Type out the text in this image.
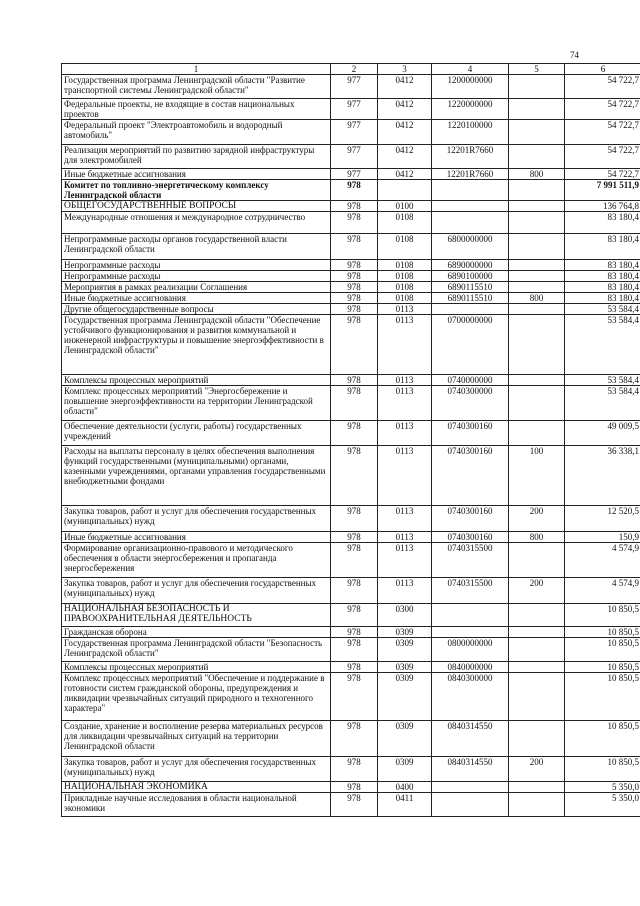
74
1	2	3	4	5	6
Государственная программа Ленинградской области "Развитие транспортной системы Ленинградской области"	977	0412	1200000000		54 722,7
Федеральные проекты, не входящие в состав национальных проектов	977	0412	1220000000		54 722,7
Федеральный проект "Электроавтомобиль и водородный автомобиль"	977	0412	1220100000		54 722,7
Реализация мероприятий по развитию зарядной инфраструктуры для электромобилей	977	0412	12201R7660		54 722,7
Иные бюджетные ассигнования	977	0412	12201R7660	800	54 722,7
Комитет по топливно-энергетическому комплексу Ленинградской области	978				7 991 511,9
ОБЩЕГОСУДАРСТВЕННЫЕ ВОПРОСЫ	978	0100			136 764,8
Международные отношения и международное сотрудничество	978	0108			83 180,4
Непрограммные расходы органов государственной власти Ленинградской области	978	0108	6800000000		83 180,4
Непрограммные расходы	978	0108	6890000000		83 180,4
Непрограммные расходы	978	0108	6890100000		83 180,4
Мероприятия в рамках реализации Соглашения	978	0108	6890115510		83 180,4
Иные бюджетные ассигнования	978	0108	6890115510	800	83 180,4
Другие общегосударственные вопросы	978	0113			53 584,4
Государственная программа Ленинградской области "Обеспечение устойчивого функционирования и развития коммунальной и инженерной инфраструктуры и повышение энергоэффективности в Ленинградской области"	978	0113	0700000000		53 584,4
Комплексы процессных мероприятий	978	0113	0740000000		53 584,4
Комплекс процессных мероприятий "Энергосбережение и повышение энергоэффективности на территории Ленинградской области"	978	0113	0740300000		53 584,4
Обеспечение деятельности (услуги, работы) государственных учреждений	978	0113	0740300160		49 009,5
Расходы на выплаты персоналу в целях обеспечения выполнения функций государственными (муниципальными) органами, казенными учреждениями, органами управления государственными внебюджетными фондами	978	0113	0740300160	100	36 338,1
Закупка товаров, работ и услуг для обеспечения государственных (муниципальных) нужд	978	0113	0740300160	200	12 520,5
Иные бюджетные ассигнования	978	0113	0740300160	800	150,9
Формирование организационно-правового и методического обеспечения в области энергосбережения и пропаганда энергосбережения	978	0113	0740315500		4 574,9
Закупка товаров, работ и услуг для обеспечения государственных (муниципальных) нужд	978	0113	0740315500	200	4 574,9
НАЦИОНАЛЬНАЯ БЕЗОПАСНОСТЬ И ПРАВООХРАНИТЕЛЬНАЯ ДЕЯТЕЛЬНОСТЬ	978	0300			10 850,5
Гражданская оборона	978	0309			10 850,5
Государственная программа Ленинградской области "Безопасность Ленинградской области"	978	0309	0800000000		10 850,5
Комплексы процессных мероприятий	978	0309	0840000000		10 850,5
Комплекс процессных мероприятий "Обеспечение и поддержание в готовности систем гражданской обороны, предупреждения и ликвидации чрезвычайных ситуаций природного и техногенного характера"	978	0309	0840300000		10 850,5
Создание, хранение и восполнение резерва материальных ресурсов для ликвидации чрезвычайных ситуаций на территории Ленинградской области	978	0309	0840314550		10 850,5
Закупка товаров, работ и услуг для обеспечения государственных (муниципальных) нужд	978	0309	0840314550	200	10 850,5
НАЦИОНАЛЬНАЯ ЭКОНОМИКА	978	0400			5 350,0
Прикладные научные исследования в области национальной экономики	978	0411			5 350,0
